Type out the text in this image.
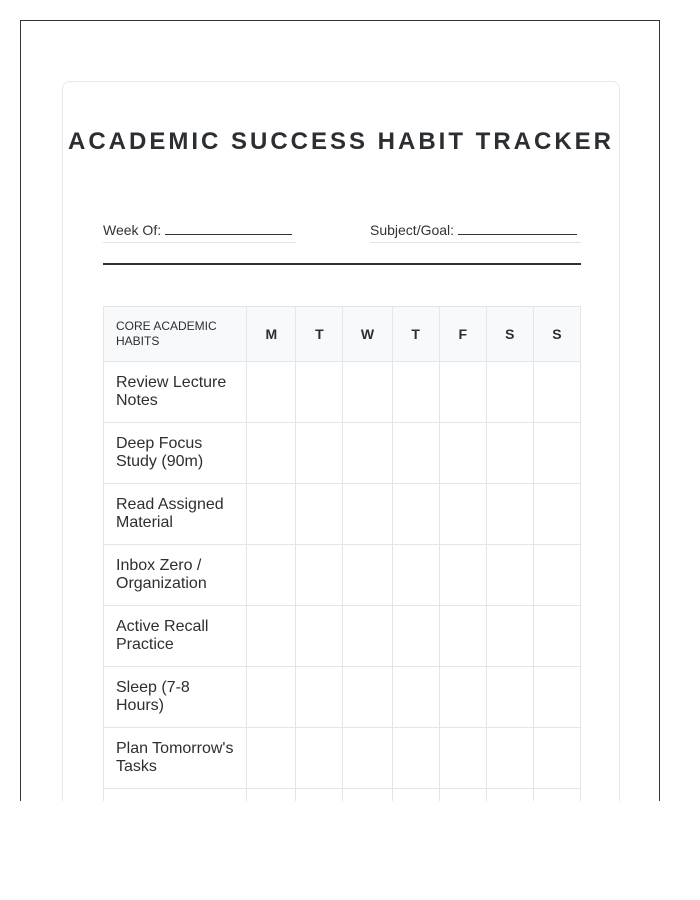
ACADEMIC SUCCESS HABIT TRACKER
Week Of:	Subject/Goal:
CORE ACADEMIC HABITS	M	T	W	T	F	S	S
Review Lecture Notes							
Deep Focus Study (90m)							
Read Assigned Material							
Inbox Zero / Organization							
Active Recall Practice							
Sleep (7-8 Hours)							
Plan Tomorrow's Tasks							
